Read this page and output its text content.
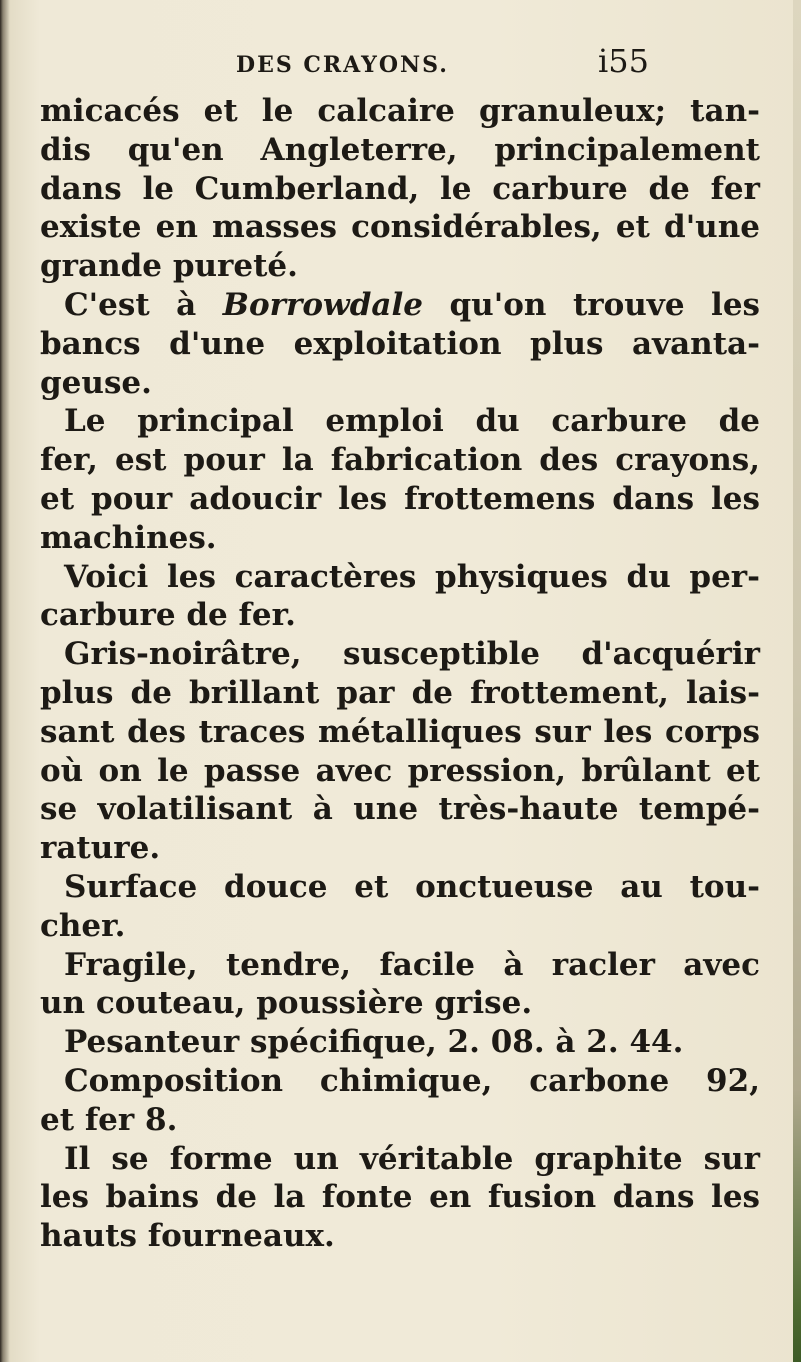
DES CRAYONS.	i55
micacés et le calcaire granuleux; tan-
dis qu'en Angleterre, principalement
dans le Cumberland, le carbure de fer
existe en masses considérables, et d'une
grande pureté.
C'est à Borrowdale qu'on trouve les
bancs d'une exploitation plus avanta-
geuse.
Le principal emploi du carbure de
fer, est pour la fabrication des crayons,
et pour adoucir les frottemens dans les
machines.
Voici les caractères physiques du per-
carbure de fer.
Gris-noirâtre, susceptible d'acquérir
plus de brillant par de frottement, lais-
sant des traces métalliques sur les corps
où on le passe avec pression, brûlant et
se volatilisant à une très-haute tempé-
rature.
Surface douce et onctueuse au tou-
cher.
Fragile, tendre, facile à racler avec
un couteau, poussière grise.
Pesanteur spécifique, 2. 08. à 2. 44.
Composition chimique, carbone 92,
et fer 8.
Il se forme un véritable graphite sur
les bains de la fonte en fusion dans les
hauts fourneaux.
